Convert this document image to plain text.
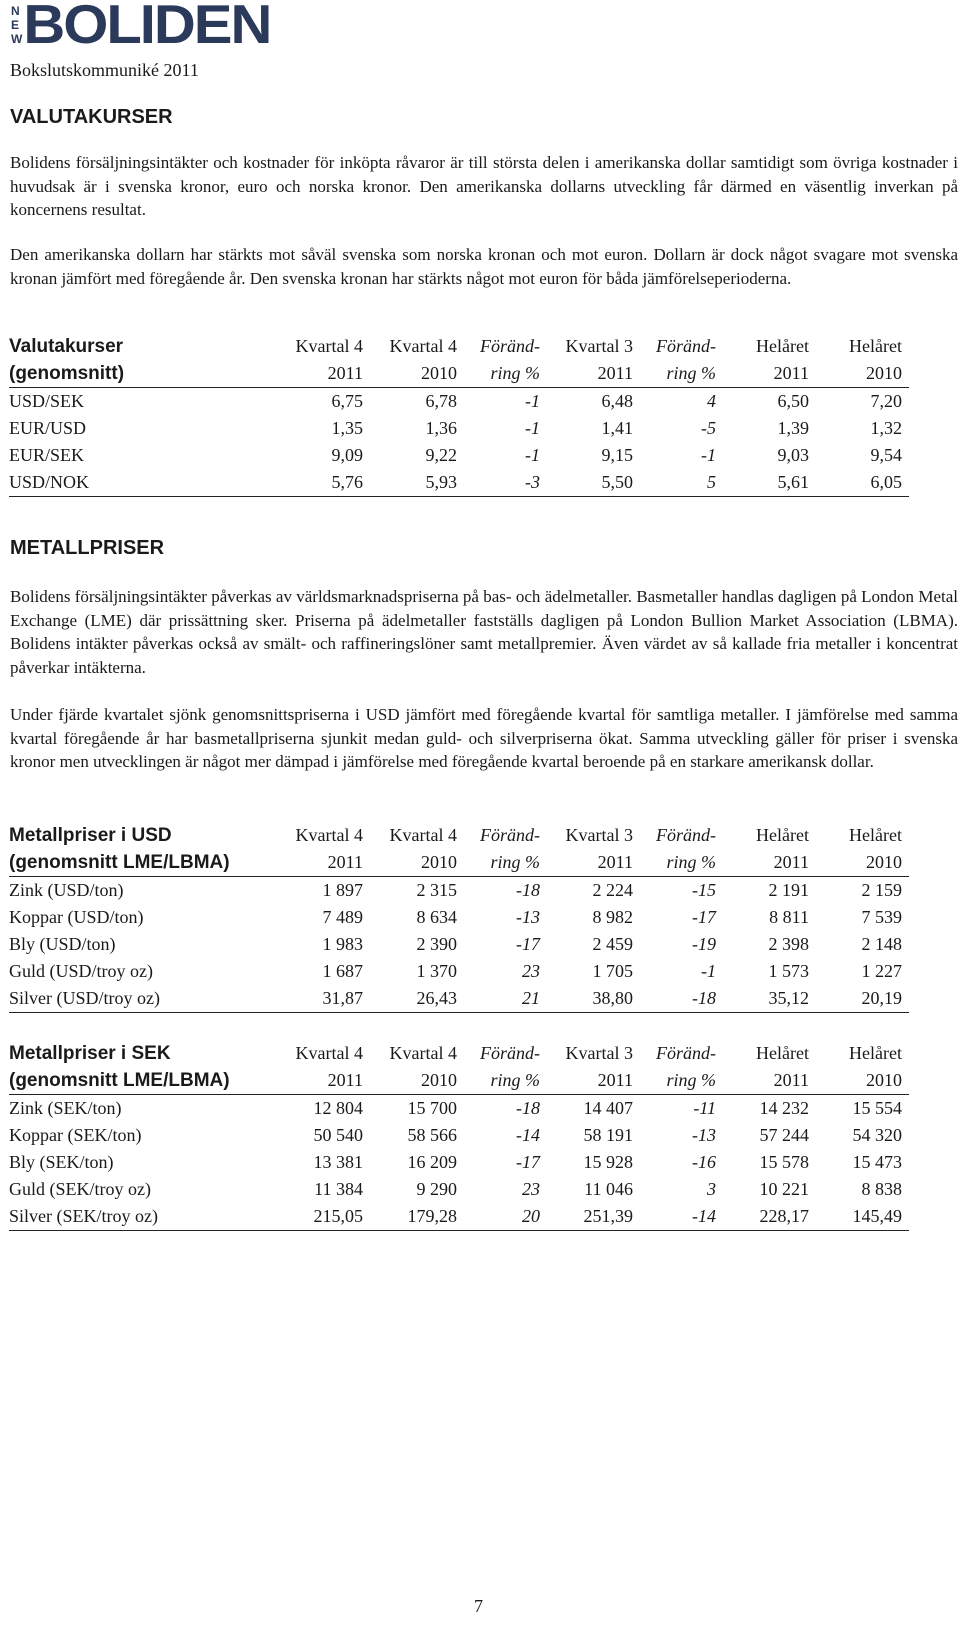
N
E
W BOLIDEN
Bokslutskommuniké 2011
VALUTAKURSER

Bolidens försäljningsintäkter och kostnader för inköpta råvaror är till största delen i amerikanska dollar samtidigt som övriga kostnader i huvudsak är i svenska kronor, euro och norska kronor. Den amerikanska dollarns utveckling får därmed en väsentlig inverkan på koncernens resultat.

Den amerikanska dollarn har stärkts mot såväl svenska som norska kronan och mot euron. Dollarn är dock något svagare mot svenska kronan jämfört med föregående år. Den svenska kronan har stärkts något mot euron för båda jämförelseperioderna.

Valutakurser	Kvartal 4	Kvartal 4	Föränd-	Kvartal 3	Föränd-	Helåret	Helåret
(genomsnitt)	2011	2010	ring %	2011	ring %	2011	2010
USD/SEK	6,75	6,78	-1	6,48	4	6,50	7,20
EUR/USD	1,35	1,36	-1	1,41	-5	1,39	1,32
EUR/SEK	9,09	9,22	-1	9,15	-1	9,03	9,54
USD/NOK	5,76	5,93	-3	5,50	5	5,61	6,05
METALLPRISER

Bolidens försäljningsintäkter påverkas av världsmarknadspriserna på bas- och ädelmetaller. Basmetaller handlas dagligen på London Metal Exchange (LME) där prissättning sker. Priserna på ädelmetaller fastställs dagligen på London Bullion Market Association (LBMA). Bolidens intäkter påverkas också av smält- och raffineringslöner samt metallpremier. Även värdet av så kallade fria metaller i koncentrat påverkar intäkterna.

Under fjärde kvartalet sjönk genomsnittspriserna i USD jämfört med föregående kvartal för samtliga metaller. I jämförelse med samma kvartal föregående år har basmetallpriserna sjunkit medan guld- och silverpriserna ökat. Samma utveckling gäller för priser i svenska kronor men utvecklingen är något mer dämpad i jämförelse med föregående kvartal beroende på en starkare amerikansk dollar.

Metallpriser i USD	Kvartal 4	Kvartal 4	Föränd-	Kvartal 3	Föränd-	Helåret	Helåret
(genomsnitt LME/LBMA)	2011	2010	ring %	2011	ring %	2011	2010
Zink (USD/ton)	1 897	2 315	-18	2 224	-15	2 191	2 159
Koppar (USD/ton)	7 489	8 634	-13	8 982	-17	8 811	7 539
Bly (USD/ton)	1 983	2 390	-17	2 459	-19	2 398	2 148
Guld (USD/troy oz)	1 687	1 370	23	1 705	-1	1 573	1 227
Silver (USD/troy oz)	31,87	26,43	21	38,80	-18	35,12	20,19
Metallpriser i SEK	Kvartal 4	Kvartal 4	Föränd-	Kvartal 3	Föränd-	Helåret	Helåret
(genomsnitt LME/LBMA)	2011	2010	ring %	2011	ring %	2011	2010
Zink (SEK/ton)	12 804	15 700	-18	14 407	-11	14 232	15 554
Koppar (SEK/ton)	50 540	58 566	-14	58 191	-13	57 244	54 320
Bly (SEK/ton)	13 381	16 209	-17	15 928	-16	15 578	15 473
Guld (SEK/troy oz)	11 384	9 290	23	11 046	3	10 221	8 838
Silver (SEK/troy oz)	215,05	179,28	20	251,39	-14	228,17	145,49
7
